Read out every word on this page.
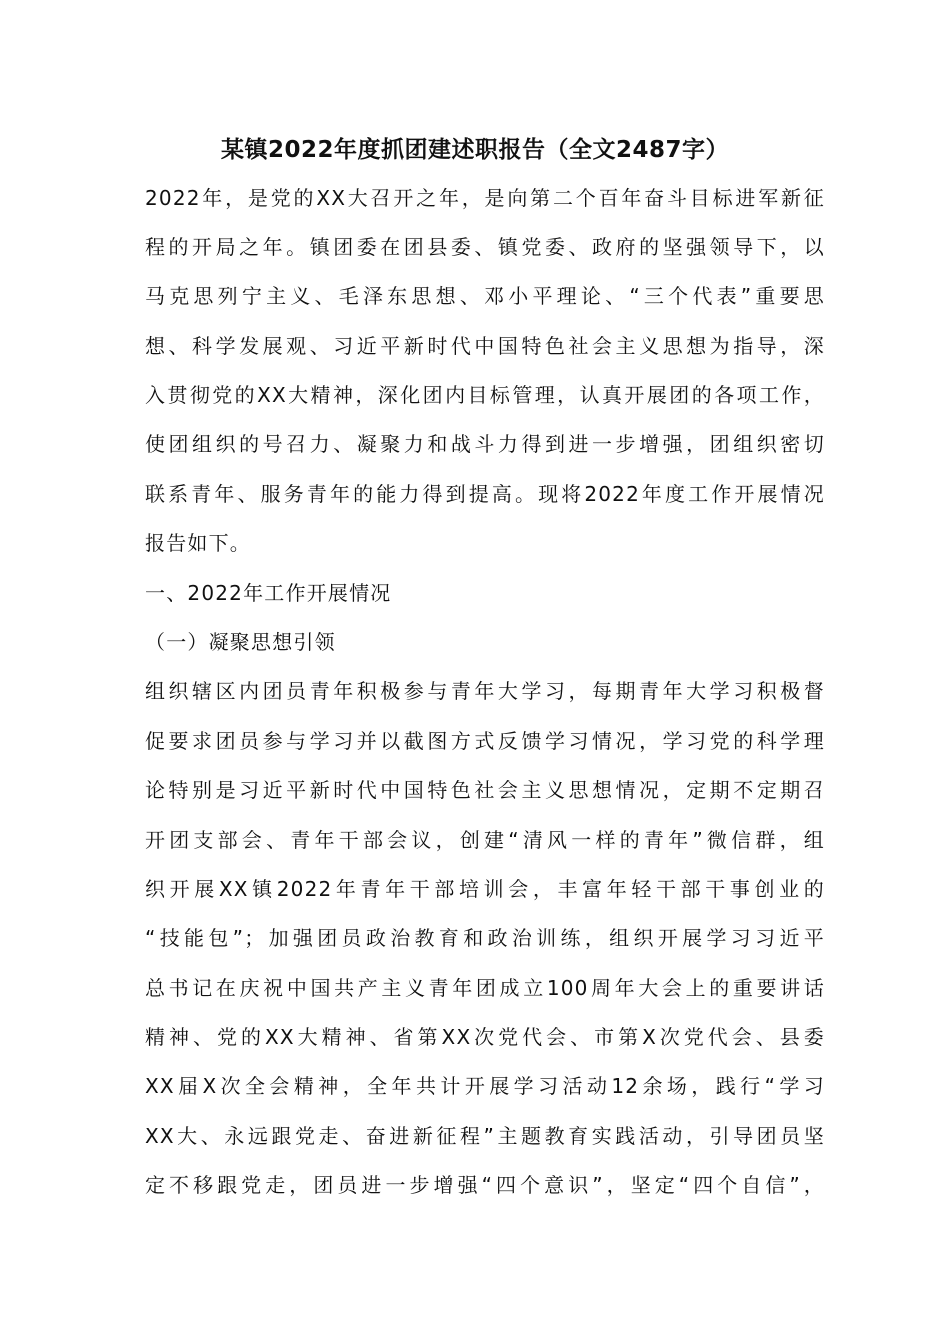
某镇2022年度抓团建述职报告（全文2487字）
2022年，是党的XX大召开之年，是向第二个百年奋斗目标进军新征
程的开局之年。镇团委在团县委、镇党委、政府的坚强领导下，以
马克思列宁主义、毛泽东思想、邓小平理论、“三个代表”重要思
想、科学发展观、习近平新时代中国特色社会主义思想为指导，深
入贯彻党的XX大精神，深化团内目标管理，认真开展团的各项工作，
使团组织的号召力、凝聚力和战斗力得到进一步增强，团组织密切
联系青年、服务青年的能力得到提高。现将2022年度工作开展情况
报告如下。
一、2022年工作开展情况
（一）凝聚思想引领
组织辖区内团员青年积极参与青年大学习，每期青年大学习积极督
促要求团员参与学习并以截图方式反馈学习情况，学习党的科学理
论特别是习近平新时代中国特色社会主义思想情况，定期不定期召
开团支部会、青年干部会议，创建“清风一样的青年”微信群，组
织开展XX镇2022年青年干部培训会，丰富年轻干部干事创业的
“技能包”；加强团员政治教育和政治训练，组织开展学习习近平
总书记在庆祝中国共产主义青年团成立100周年大会上的重要讲话
精神、党的XX大精神、省第XX次党代会、市第X次党代会、县委
XX届X次全会精神，全年共计开展学习活动12余场，践行“学习
XX大、永远跟党走、奋进新征程”主题教育实践活动，引导团员坚
定不移跟党走，团员进一步增强“四个意识”，坚定“四个自信”，
